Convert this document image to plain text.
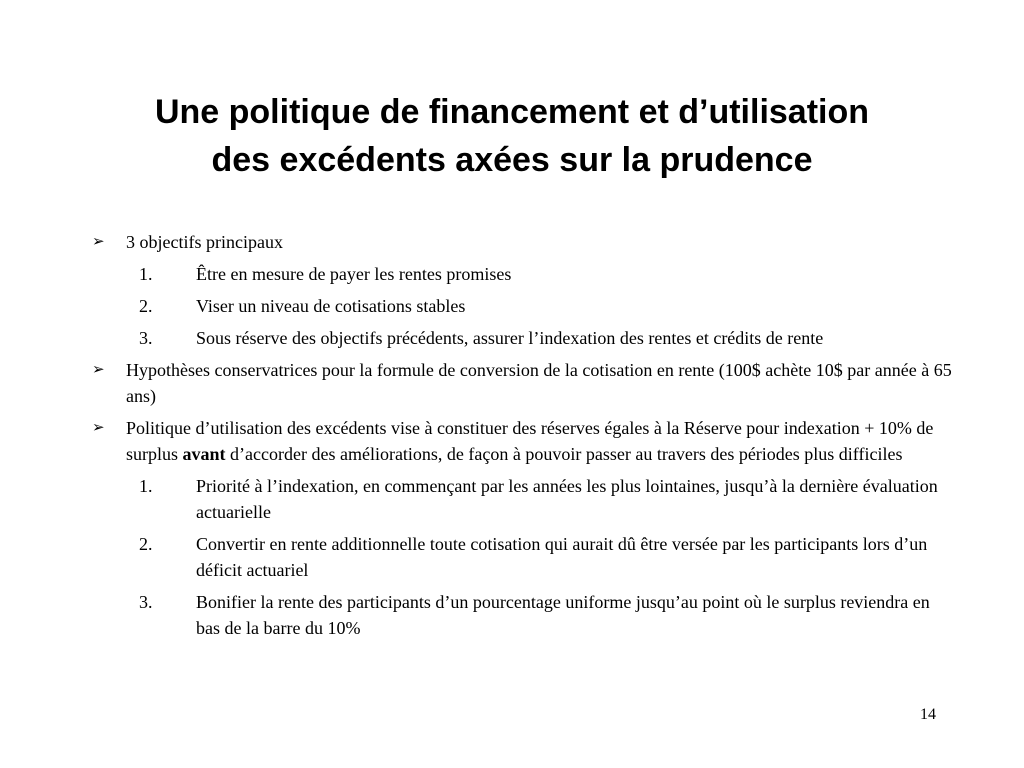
Une politique de financement et d’utilisation
des excédents axées sur la prudence
➢	3 objectifs principaux
1. Être en mesure de payer les rentes promises
2. Viser un niveau de cotisations stables
3. Sous réserve des objectifs précédents, assurer l’indexation des rentes et crédits de rente
➢	Hypothèses conservatrices pour la formule de conversion de la cotisation en rente (100$ achète 10$ par année à 65 ans)
➢	Politique d’utilisation des excédents vise à constituer des réserves égales à la Réserve pour indexation + 10% de surplus avant d’accorder des améliorations, de façon à pouvoir passer au travers des périodes plus difficiles
1. Priorité à l’indexation, en commençant par les années les plus lointaines, jusqu’à la dernière évaluation actuarielle
2. Convertir en rente additionnelle toute cotisation qui aurait dû être versée par les participants lors d’un déficit actuariel
3. Bonifier la rente des participants d’un pourcentage uniforme jusqu’au point où le surplus reviendra en bas de la barre du 10%
14
